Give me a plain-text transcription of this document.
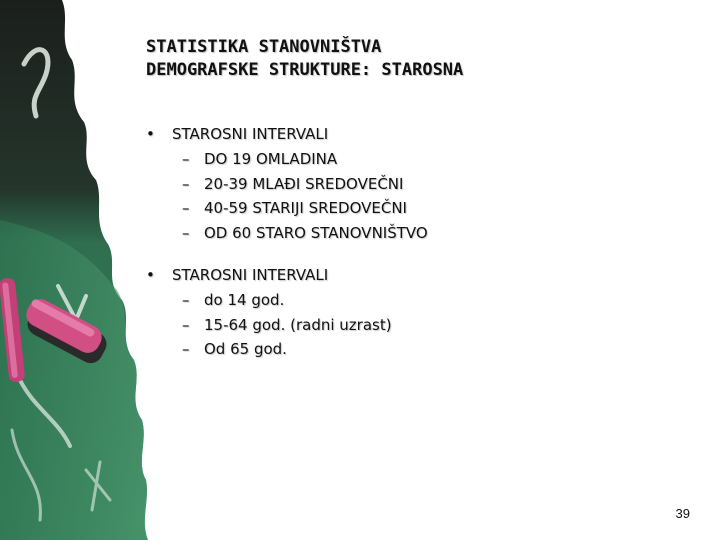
STATISTIKA STANOVNIŠTVA
DEMOGRAFSKE STRUKTURE: STAROSNA
•	STAROSNI INTERVALI
– DO 19 OMLADINA
– 20-39 MLAĐI SREDOVEČNI
– 40-59 STARIJI SREDOVEČNI
– OD 60 STARO STANOVNIŠTVO
•	STAROSNI INTERVALI
– do 14 god.
– 15-64 god. (radni uzrast)
– Od 65 god.
39
